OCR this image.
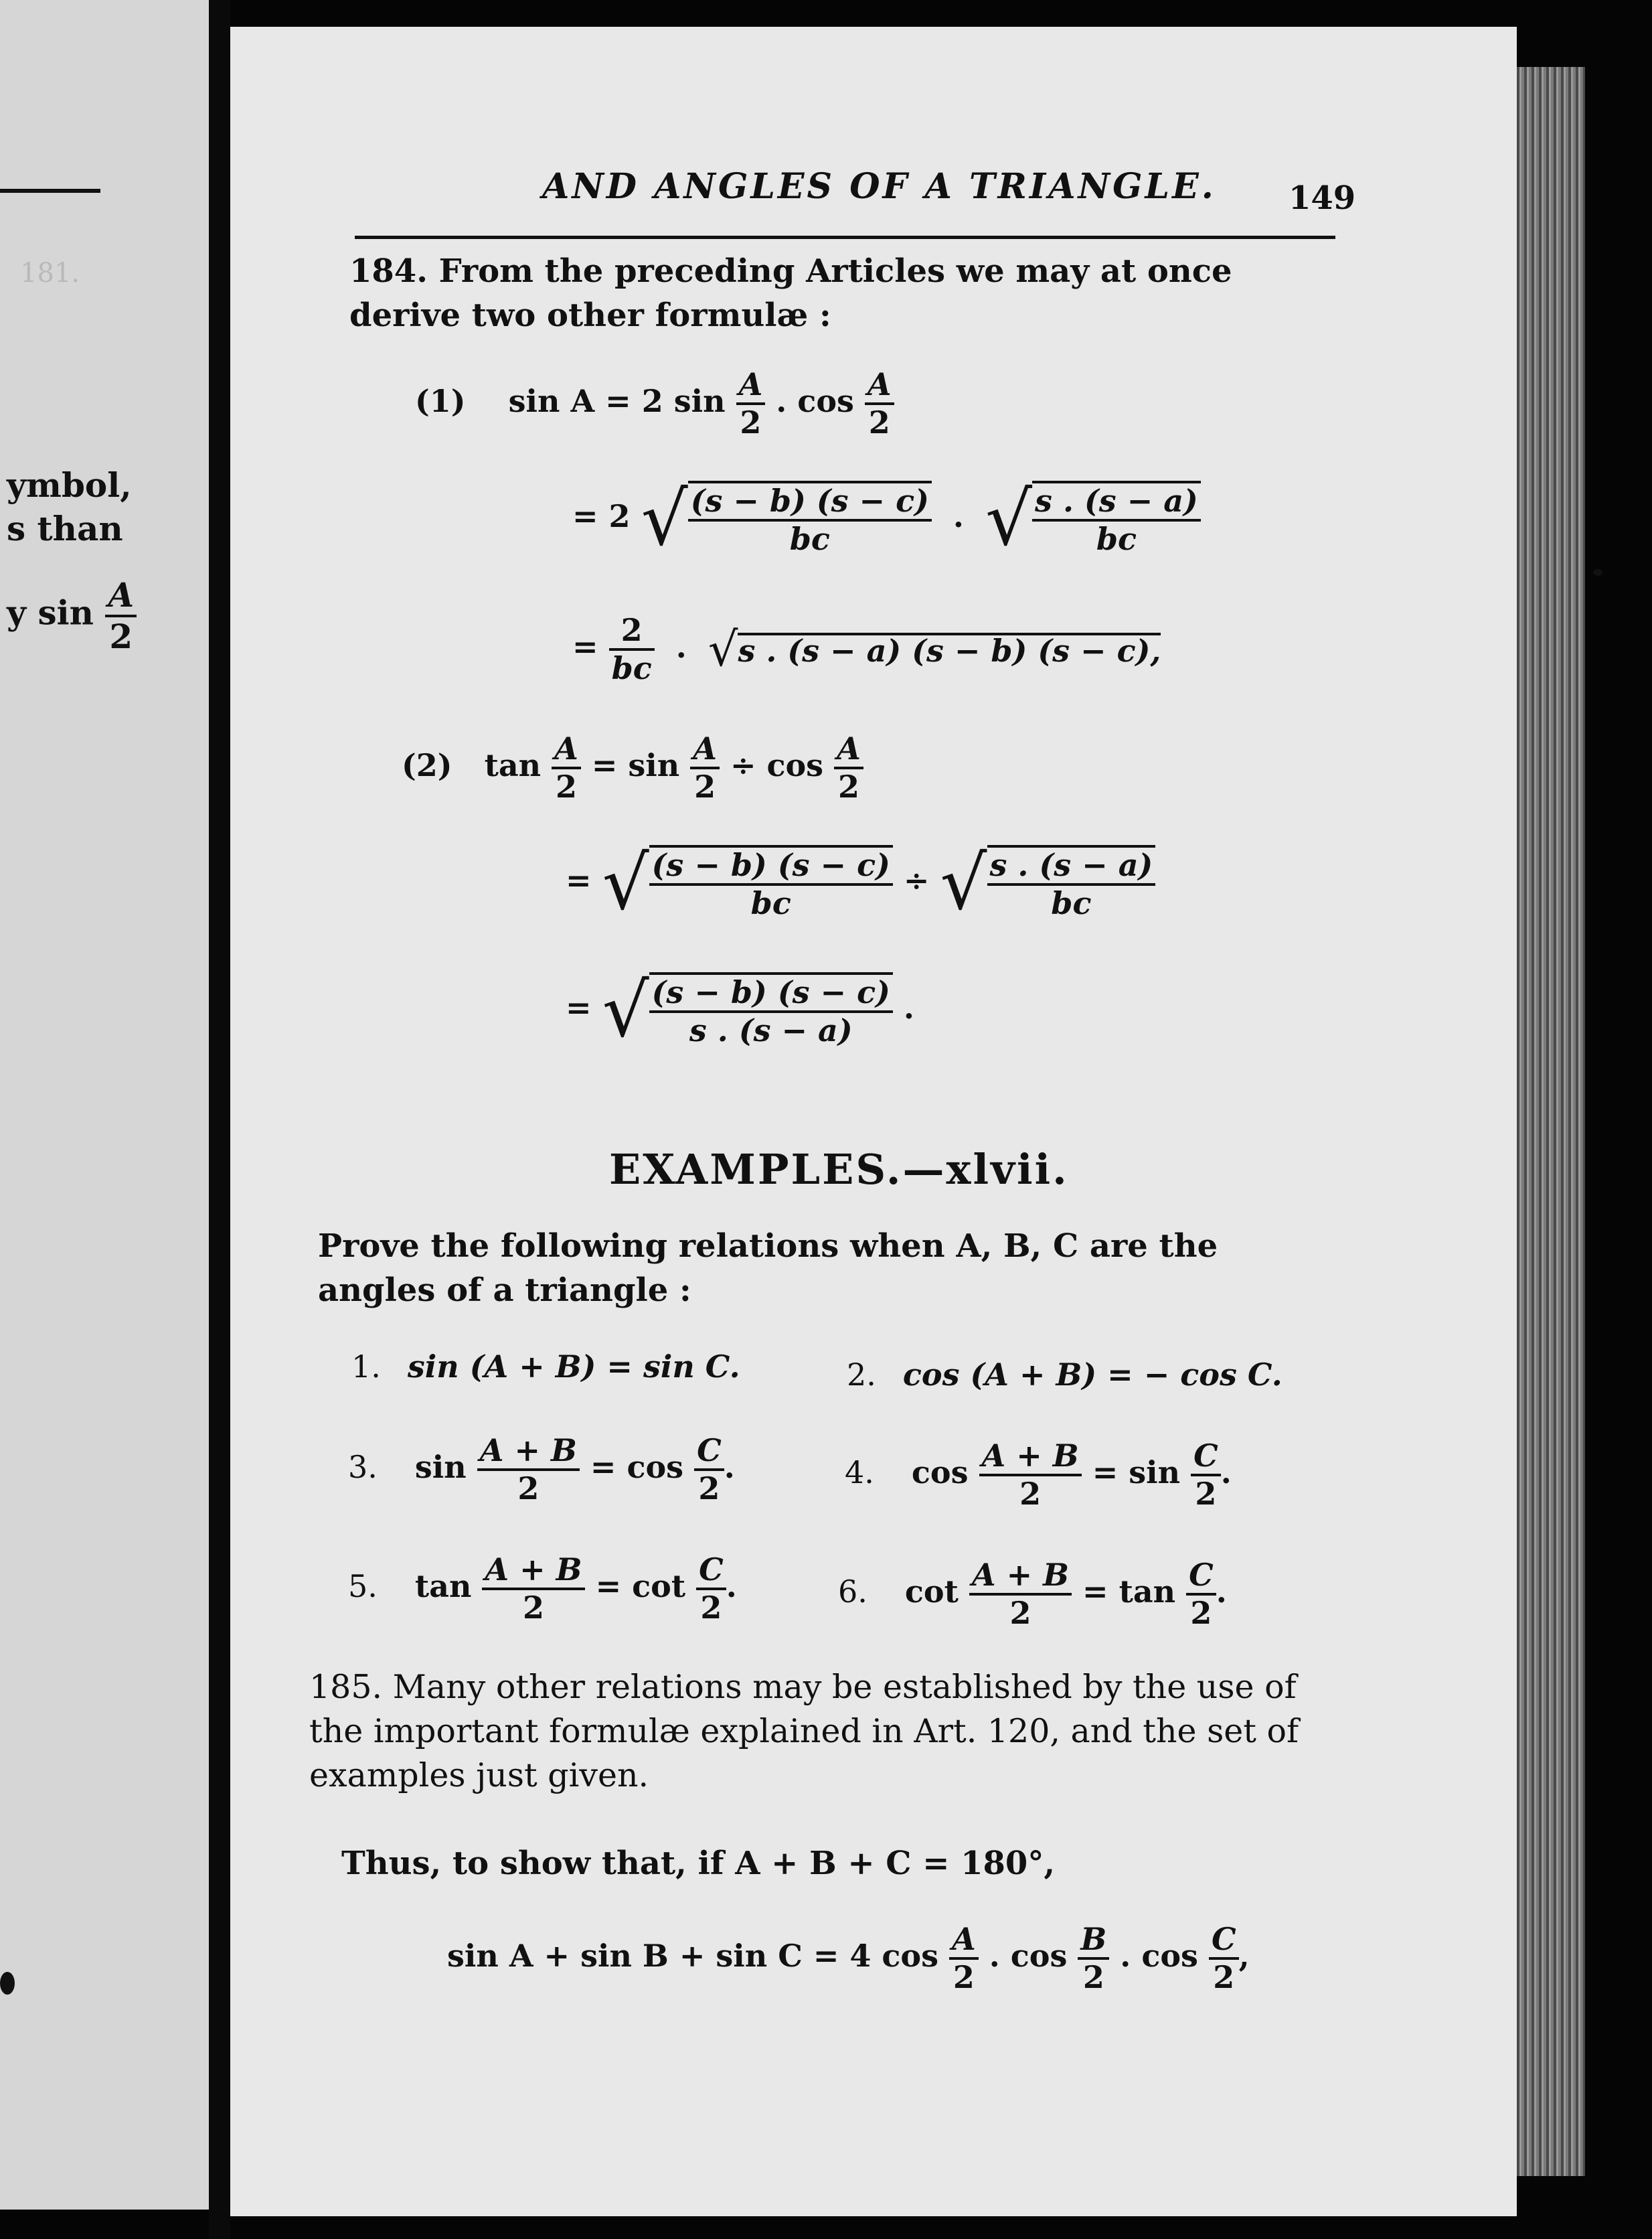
181.
ymbol,
s than
y $\sin \frac{A}{2}$
AND ANGLES OF A TRIANGLE. 149
184. From the preceding Articles we may at once derive two other formulæ :
(1) sin A = 2 $\sin \frac{A}{2}$ . $\cos \frac{A}{2}$
= 2 √ $\frac{(s - b) (s - c)}{bc}$ .  √ $\frac{s . (s - a)}{bc}$
= $\frac{2}{bc}$ .  √s . (s − a) (s − b) (s − c),
(2) $\tan \frac{A}{2} = \sin \frac{A}{2} \div \cos \frac{A}{2}$
= √ $\frac{(s - b) (s - c)}{bc}$ ÷ √ $\frac{s . (s - a)}{bc}$
= √ $\frac{(s - b) (s - c)}{s . (s - a)}$ .
EXAMPLES.—xlvii.
Prove the following relations when A, B, C are the angles of a triangle :
1. sin (A + B) = sin C.	2. cos (A + B) = − cos C.
3. $\sin \frac{A + B}{2} = \cos \frac{C}{2}$ .	4. $\cos \frac{A + B}{2} = \sin \frac{C}{2}$ .
5. $\tan \frac{A + B}{2} = \cot \frac{C}{2}$ .	6. $\cot \frac{A + B}{2} = \tan \frac{C}{2}$ .
185. Many other relations may be established by the use of the important formulæ explained in Art. 120, and the set of examples just given.
Thus, to show that, if A + B + C = 180°,
sin A + sin B + sin C = 4 $\cos \frac{A}{2}$ . $\cos \frac{B}{2}$ . $\cos \frac{C}{2}$ ,
